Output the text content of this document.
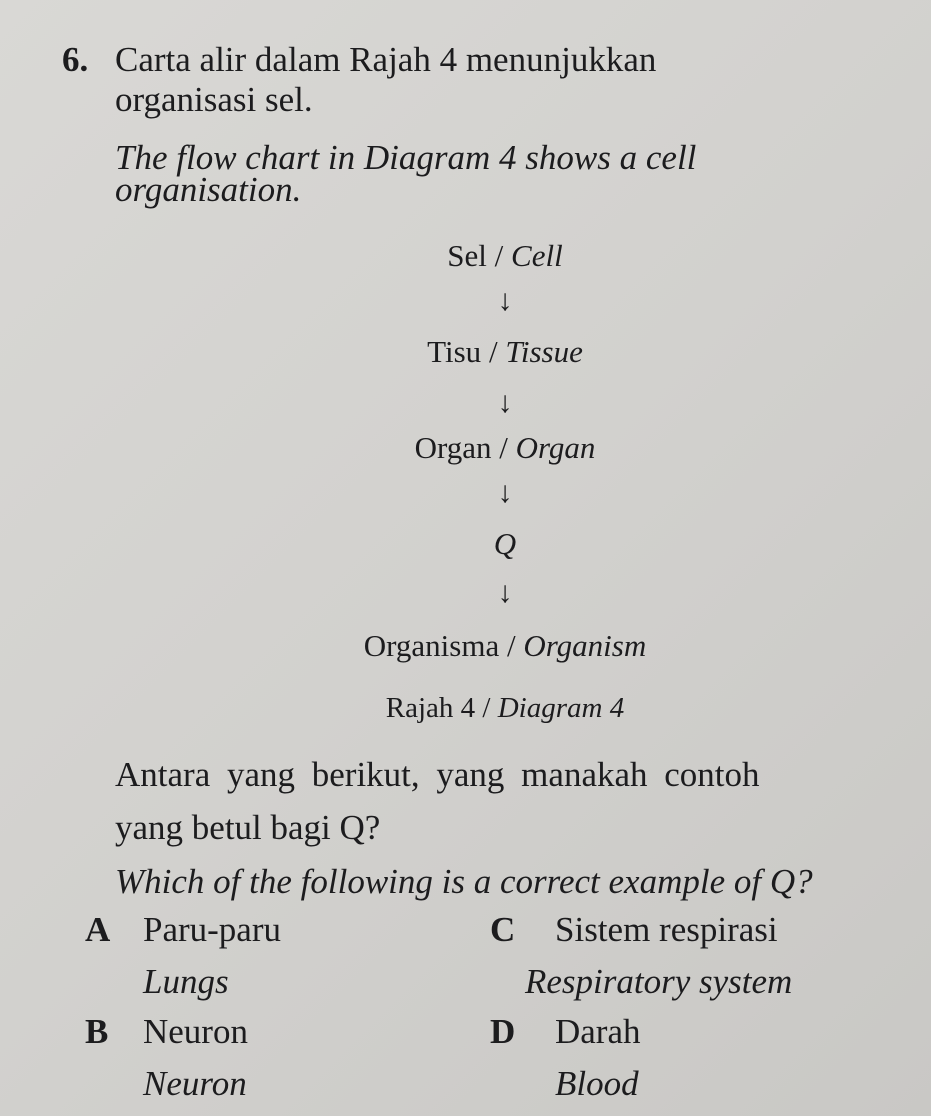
6. Carta alir dalam Rajah 4 menunjukkan
organisasi sel.
The flow chart in Diagram 4 shows a cell
organisation.
Sel / Cell
↓
Tisu / Tissue
↓
Organ / Organ
↓
Q
↓
Organisma / Organism
Rajah 4 / Diagram 4
Antara yang berikut, yang manakah contoh
yang betul bagi Q?
Which of the following is a correct example of Q?
A Paru-paru
Lungs
B Neuron
Neuron
C Sistem respirasi
Respiratory system
D Darah
Blood
